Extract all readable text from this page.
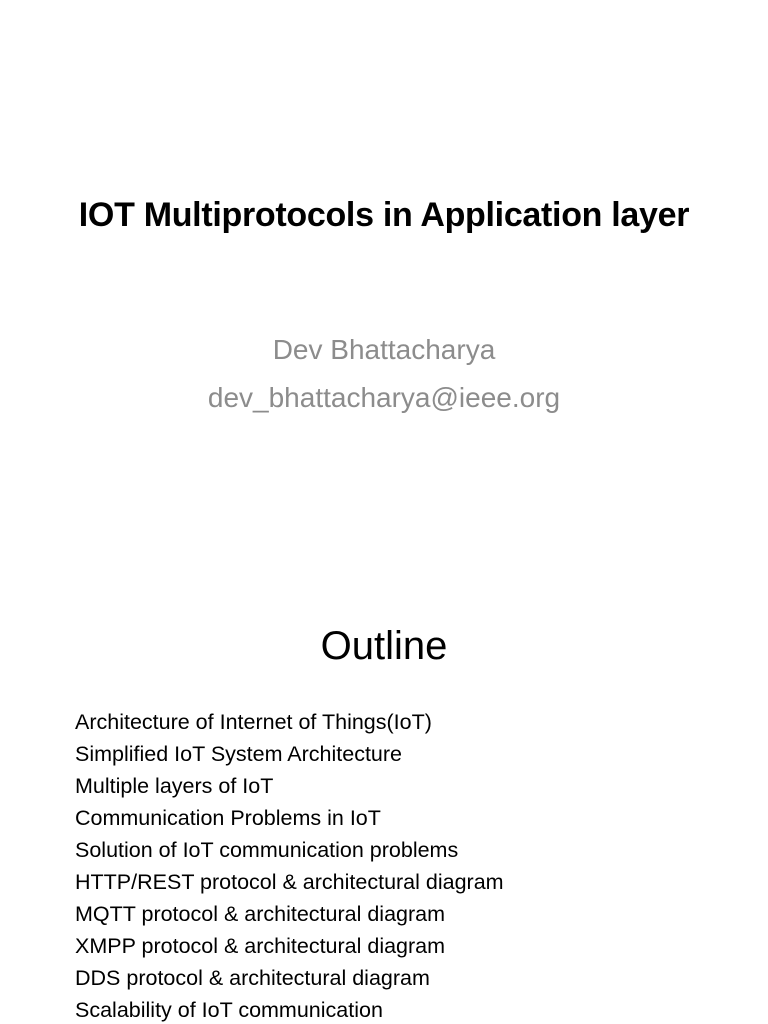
IOT Multiprotocols in Application layer
Dev Bhattacharya
dev_bhattacharya@ieee.org
Outline
Architecture of Internet of Things(IoT)
Simplified IoT System Architecture
Multiple layers of IoT
Communication Problems in IoT
Solution of IoT communication problems
HTTP/REST protocol & architectural diagram
MQTT protocol & architectural diagram
XMPP protocol & architectural diagram
DDS protocol & architectural diagram
Scalability of IoT communication
